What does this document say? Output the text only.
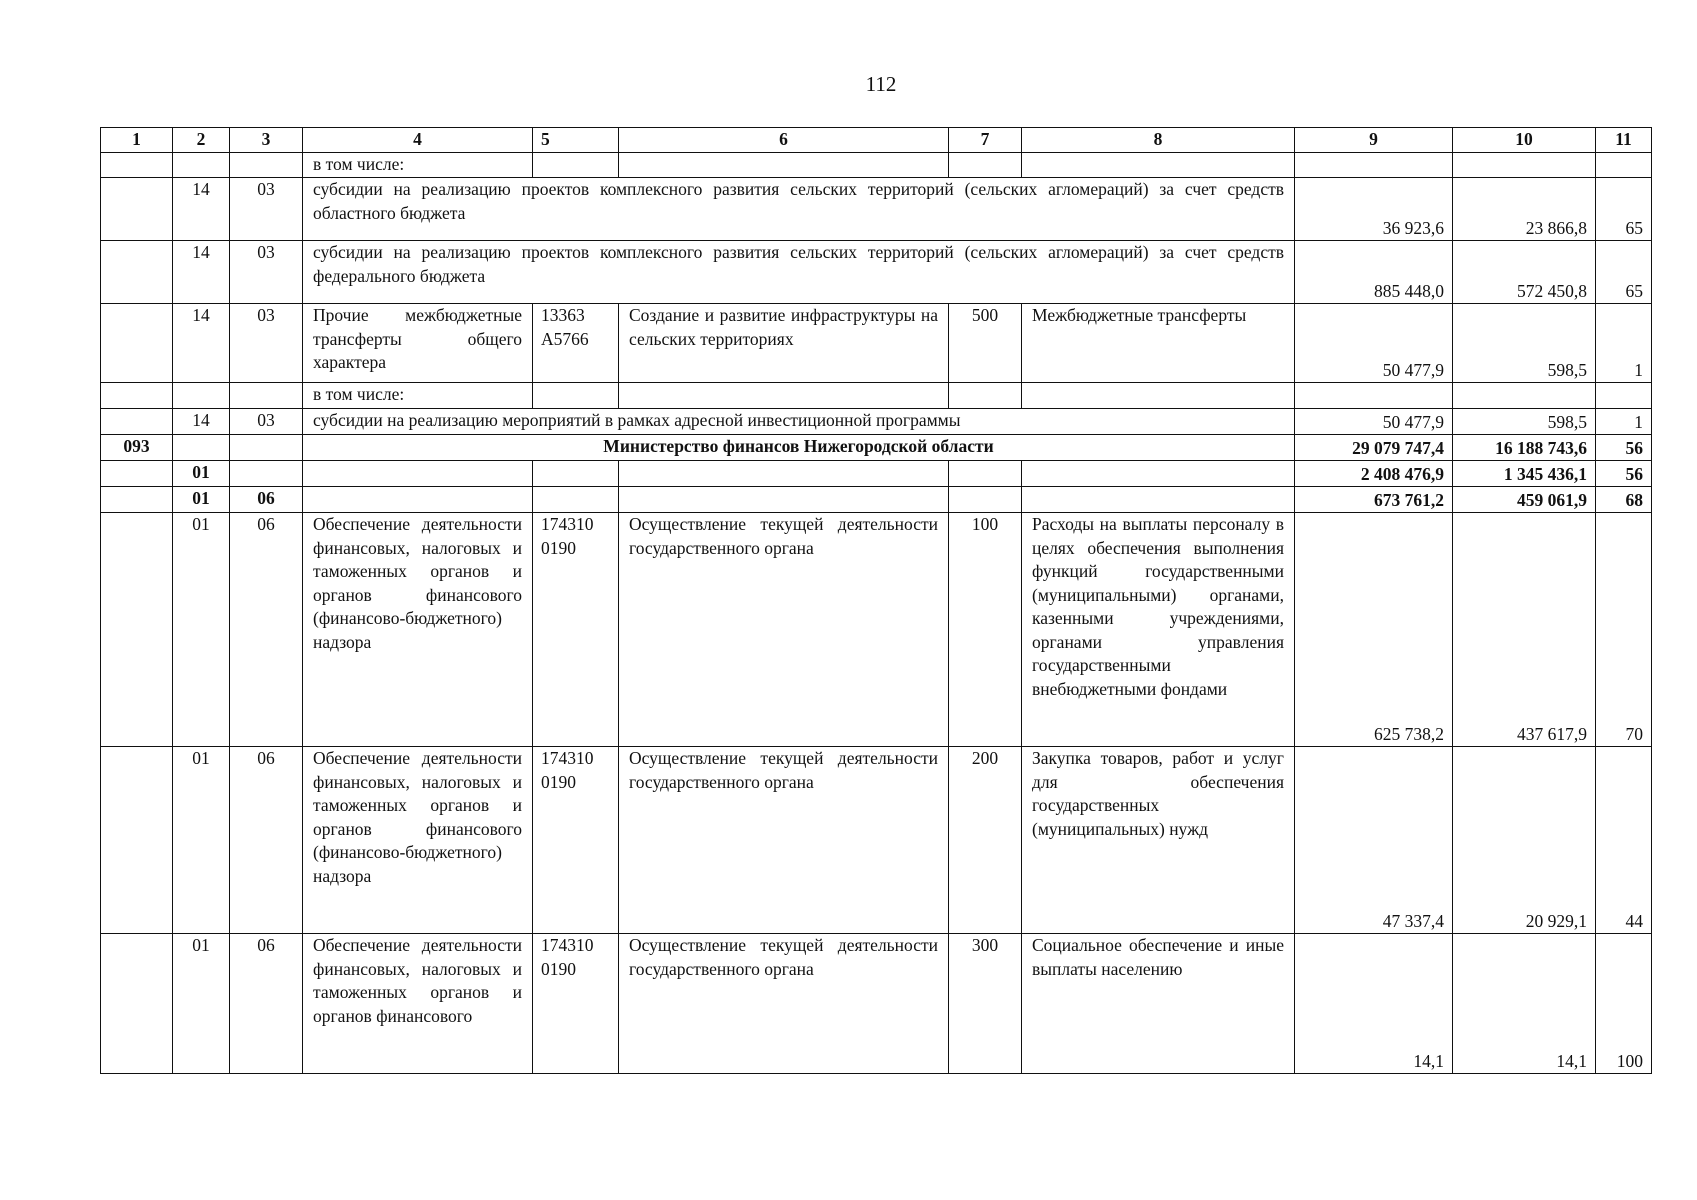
112
1	2	3	4	5	6	7	8	9	10	11
			в том числе:							
	14	03	субсидии на реализацию проектов комплексного развития сельских территорий (сельских агломераций) за счет средств областного бюджета					36 923,6	23 866,8	65
	14	03	субсидии на реализацию проектов комплексного развития сельских территорий (сельских агломераций) за счет средств федерального бюджета					885 448,0	572 450,8	65
	14	03	Прочие межбюджетные трансферты общего характера	13363 А5766	Создание и развитие инфраструктуры на сельских территориях	500	Межбюджетные трансферты	50 477,9	598,5	1
			в том числе:							
	14	03	субсидии на реализацию мероприятий в рамках адресной инвестиционной программы					50 477,9	598,5	1
093			Министерство финансов Нижегородской области					29 079 747,4	16 188 743,6	56
	01							2 408 476,9	1 345 436,1	56
	01	06						673 761,2	459 061,9	68
	01	06	Обеспечение деятельности финансовых, налоговых и таможенных органов и органов финансового (финансово-бюджетного) надзора	174310 0190	Осуществление текущей деятельности государственного органа	100	Расходы на выплаты персоналу в целях обеспечения выполнения функций государственными (муниципальными) органами, казенными учреждениями, органами управления государственными внебюджетными фондами	625 738,2	437 617,9	70
	01	06	Обеспечение деятельности финансовых, налоговых и таможенных органов и органов финансового (финансово-бюджетного) надзора	174310 0190	Осуществление текущей деятельности государственного органа	200	Закупка товаров, работ и услуг для обеспечения государственных (муниципальных) нужд	47 337,4	20 929,1	44
	01	06	Обеспечение деятельности финансовых, налоговых и таможенных органов и органов финансового	174310 0190	Осуществление текущей деятельности государственного органа	300	Социальное обеспечение и иные выплаты населению	14,1	14,1	100
